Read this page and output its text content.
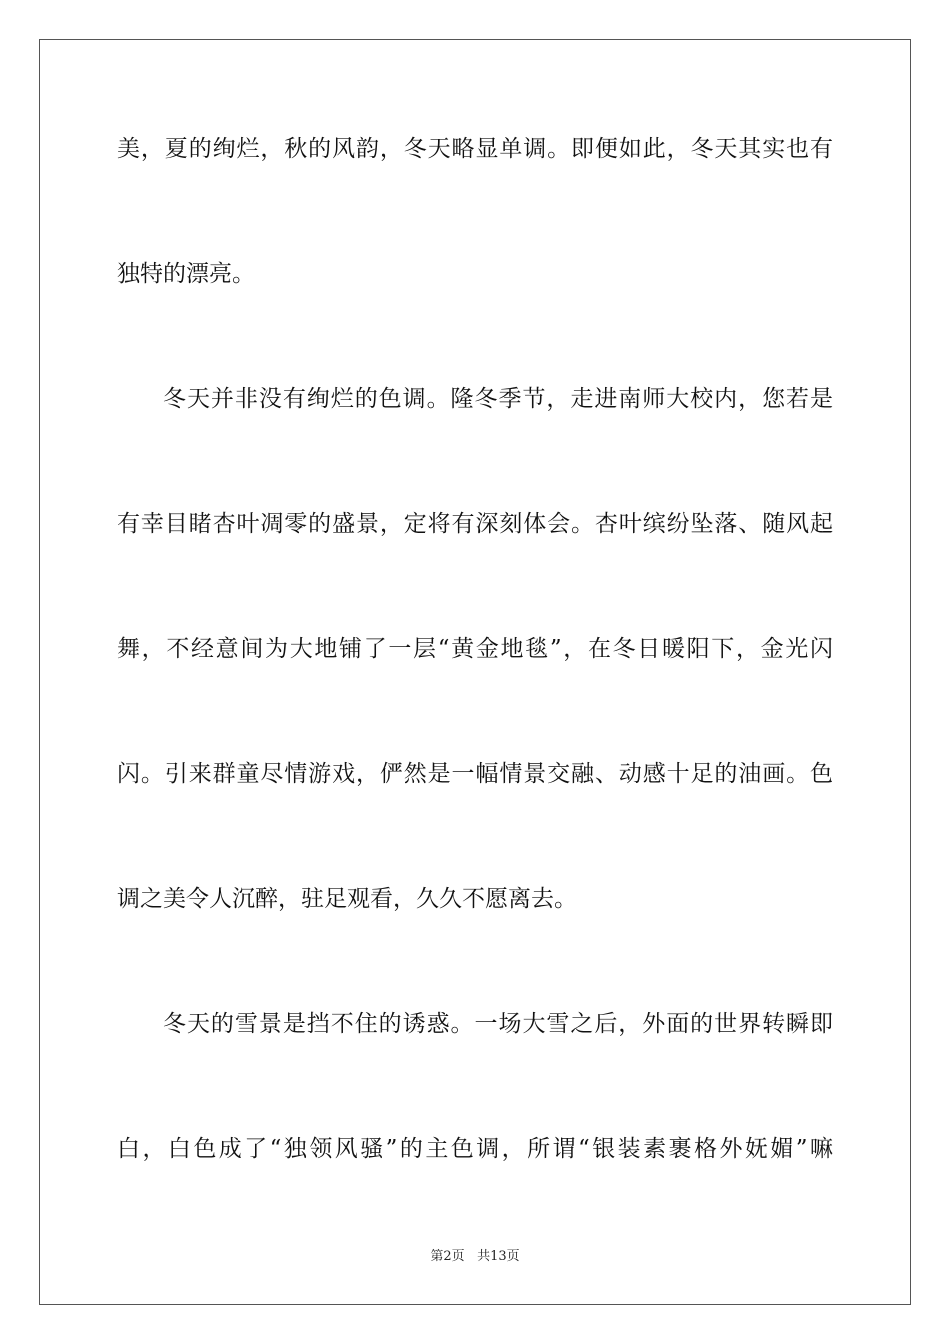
美，夏的绚烂，秋的风韵，冬天略显单调。即便如此，冬天其实也有
独特的漂亮。
冬天并非没有绚烂的色调。隆冬季节，走进南师大校内，您若是
有幸目睹杏叶凋零的盛景，定将有深刻体会。杏叶缤纷坠落、随风起
舞，不经意间为大地铺了一层“黄金地毯”，在冬日暖阳下，金光闪
闪。引来群童尽情游戏，俨然是一幅情景交融、动感十足的油画。色
调之美令人沉醉，驻足观看，久久不愿离去。
冬天的雪景是挡不住的诱惑。一场大雪之后，外面的世界转瞬即
白，白色成了“独领风骚”的主色调，所谓“银装素裹格外妩媚”嘛
第2页 共13页
